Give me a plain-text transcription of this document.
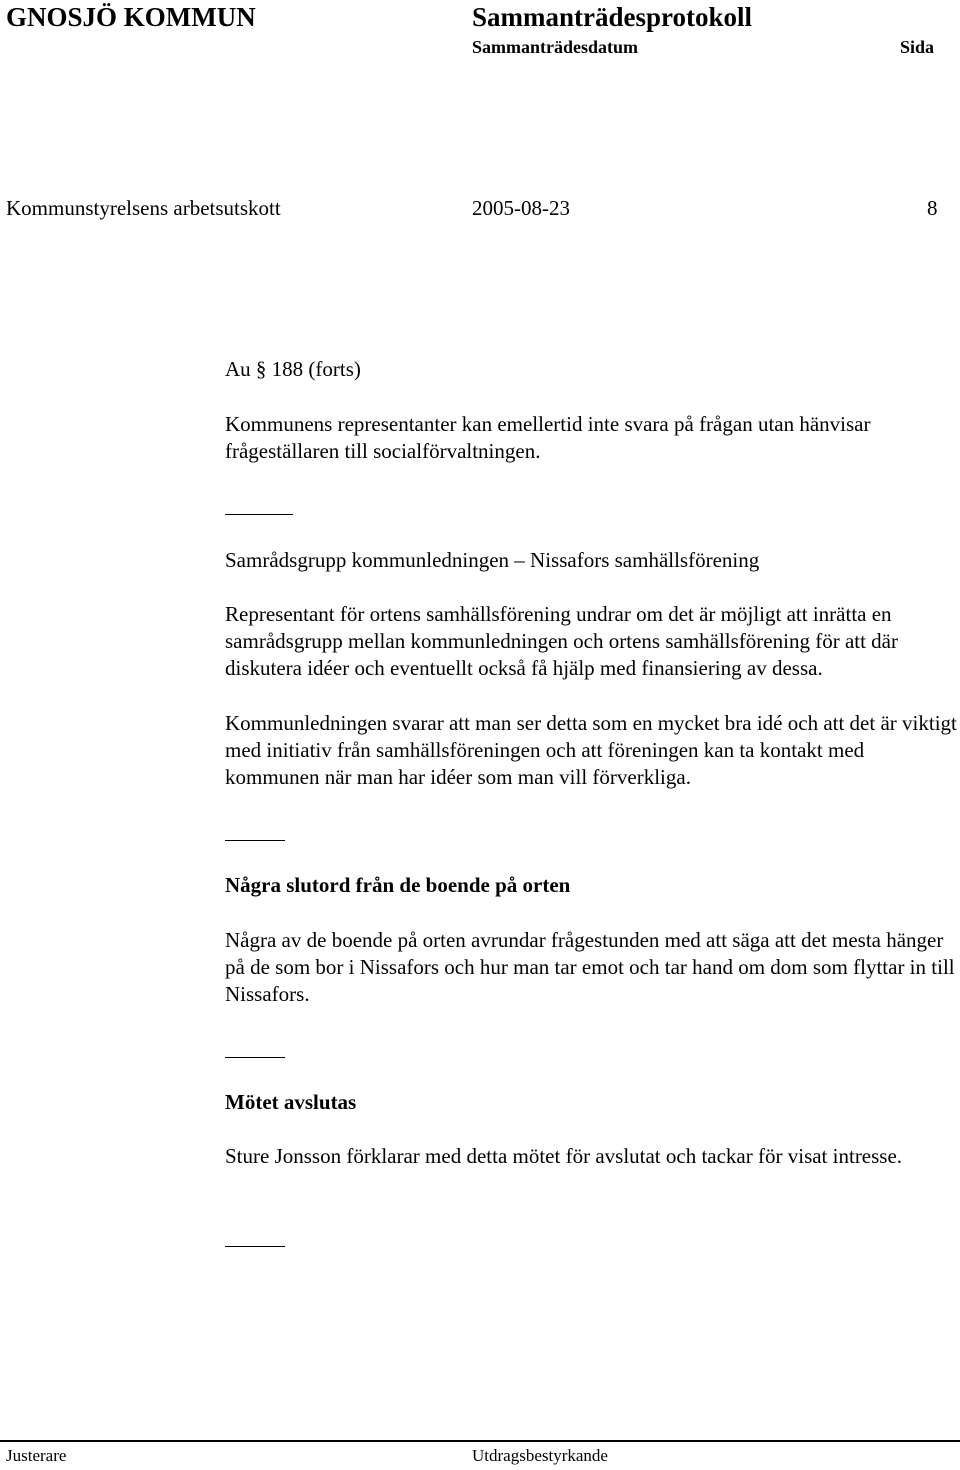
GNOSJÖ KOMMUN	Sammanträdesprotokoll
Sammanträdesdatum	Sida
Kommunstyrelsens arbetsutskott	2005-08-23	8
Au § 188 (forts)
Kommunens representanter kan emellertid inte svara på frågan utan hänvisar frågeställaren till socialförvaltningen.
Samrådsgrupp kommunledningen – Nissafors samhällsförening
Representant för ortens samhällsförening undrar om det är möjligt att inrätta en samrådsgrupp mellan kommunledningen och ortens samhällsförening för att där diskutera idéer och eventuellt också få hjälp med finansiering av dessa.
Kommunledningen svarar att man ser detta som en mycket bra idé och att det är viktigt med initiativ från samhällsföreningen och att föreningen kan ta kontakt med kommunen när man har idéer som man vill förverkliga.
Några slutord från de boende på orten
Några av de boende på orten avrundar frågestunden med att säga att det mesta hänger på de som bor i Nissafors och hur man tar emot och tar hand om dom som flyttar in till Nissafors.
Mötet avslutas
Sture Jonsson förklarar med detta mötet för avslutat och tackar för visat intresse.
Justerare	Utdragsbestyrkande
